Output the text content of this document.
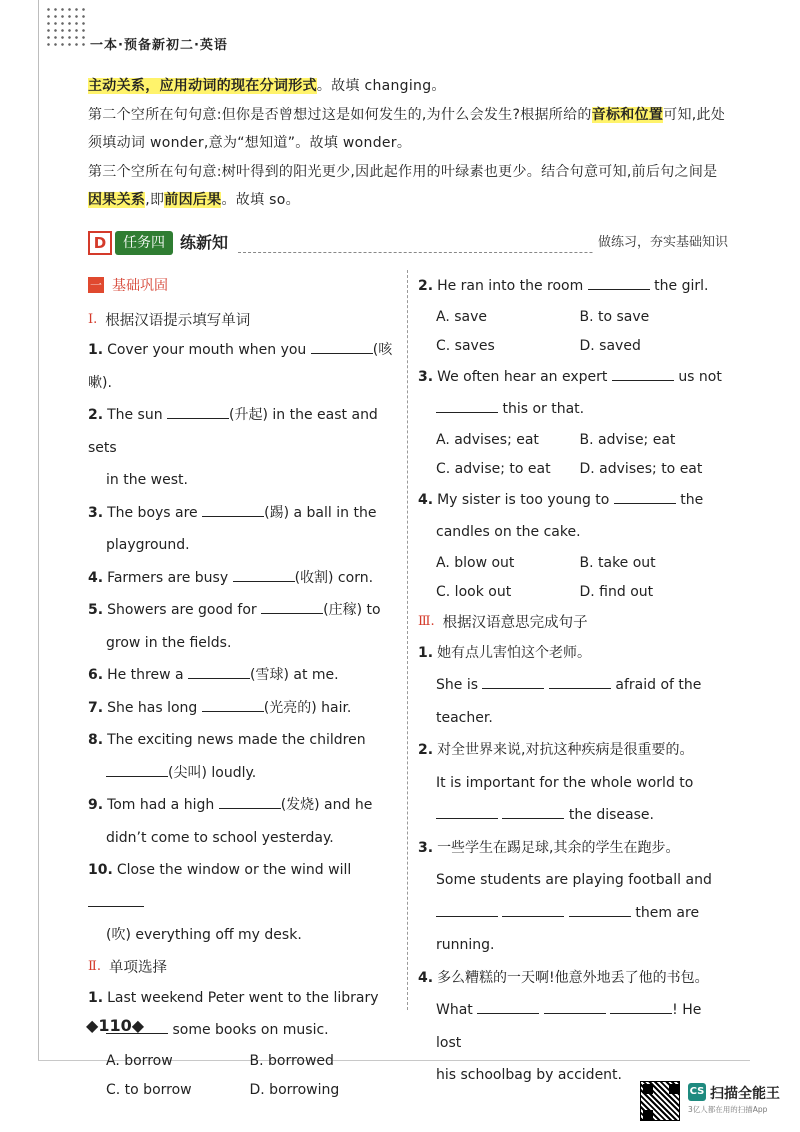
一本·预备新初二·英语

主动关系，应用动词的现在分词形式。故填 changing。

第二个空所在句句意:但你是否曾想过这是如何发生的,为什么会发生?根据所给的音标和位置可知,此处须填动词 wonder,意为“想知道”。故填 wonder。

第三个空所在句句意:树叶得到的阳光更少,因此起作用的叶绿素也更少。结合句意可知,前后句之间是因果关系,即前因后果。故填 so。

D	任务四 练新知	做练习，夯实基础知识
一 基础巩固
Ⅰ. 根据汉语提示填写单词
1. Cover your mouth when you	(咳嗽).
2. The sun	(升起) in the east and sets
in the west.
3. The boys are	(踢) a ball in the
playground.
4. Farmers are busy	(收割) corn.
5. Showers are good for	(庄稼) to
grow in the fields.
6. He threw a	(雪球) at me.
7. She has long	(光亮的) hair.
8. The exciting news made the children
(尖叫) loudly.
9. Tom had a high	(发烧) and he
didn’t come to school yesterday.
10. Close the window or the wind will
(吹) everything off my desk.
Ⅱ. 单项选择
1. Last weekend Peter went to the library
some books on music.
A. borrow	B. borrowed
C. to borrow	D. borrowing
2. He ran into the room	the girl.
A. save	B. to save
C. saves	D. saved
3. We often hear an expert	us not
this or that.
A. advises; eat	B. advise; eat
C. advise; to eat	D. advises; to eat
4. My sister is too young to	the
candles on the cake.
A. blow out	B. take out
C. look out	D. find out
Ⅲ. 根据汉语意思完成句子
1. 她有点儿害怕这个老师。
She is	afraid of the
teacher.
2. 对全世界来说,对抗这种疾病是很重要的。
It is important for the whole world to
the disease.
3. 一些学生在踢足球,其余的学生在跑步。
Some students are playing football and
them are
running.
4. 多么糟糕的一天啊!他意外地丢了他的书包。
What	! He lost
his schoolbag by accident.
◆110◆
CS 扫描全能王
3亿人都在用的扫描App
